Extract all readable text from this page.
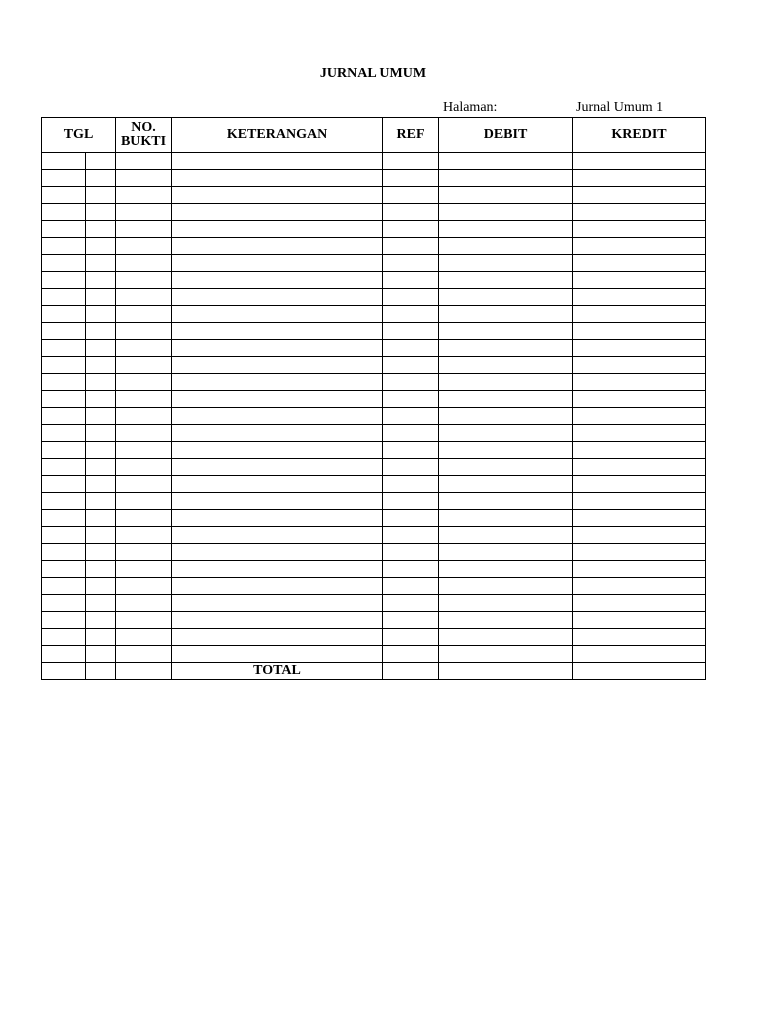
JURNAL UMUM
Halaman:	Jurnal Umum 1
TGL		NO. BUKTI	KETERANGAN	REF	DEBIT	KREDIT

			TOTAL			
